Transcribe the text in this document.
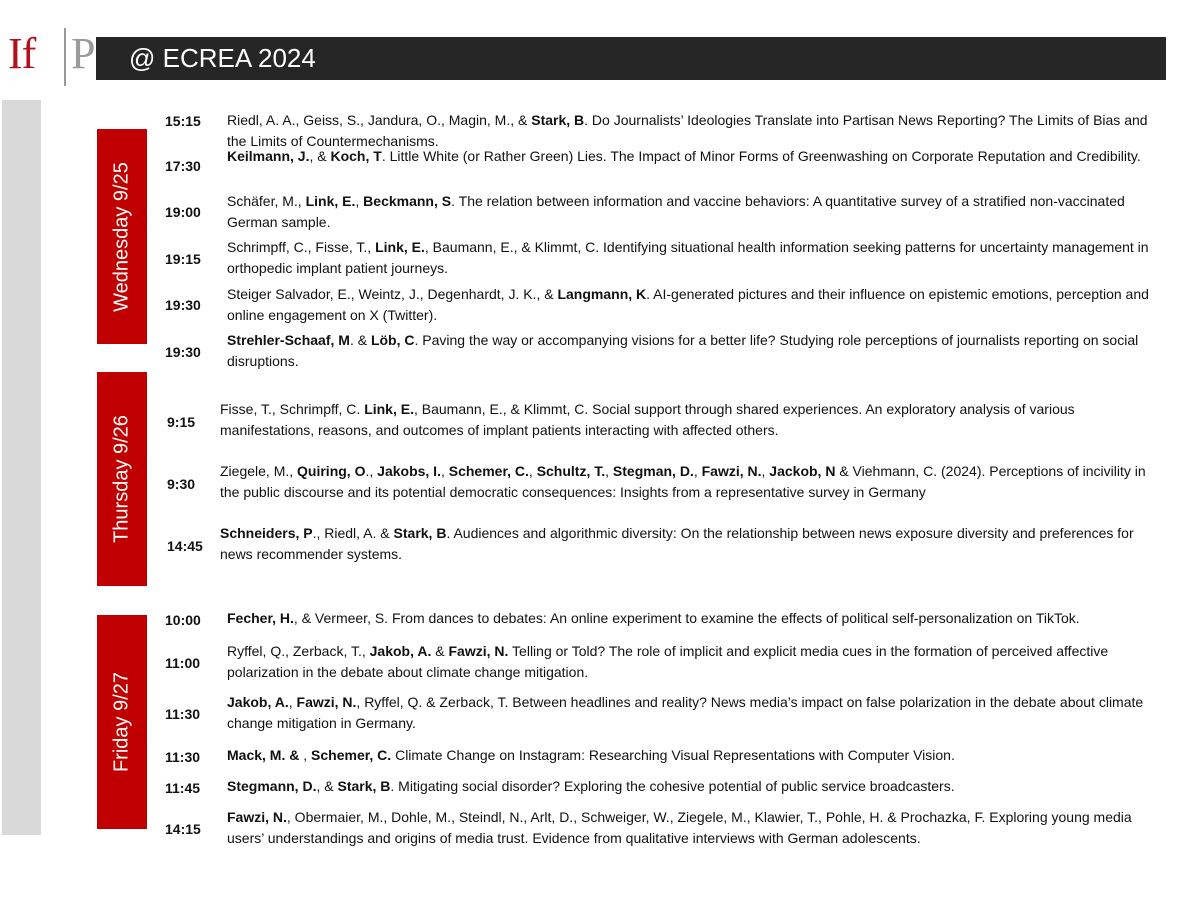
If P @ ECREA 2024
Wednesday 9/25
Thursday 9/26
Friday 9/27
15:15 Riedl, A. A., Geiss, S., Jandura, O., Magin, M., & Stark, B. Do Journalists’ Ideologies Translate into Partisan News Reporting? The Limits of Bias and the Limits of Countermechanisms.
17:30
Keilmann, J., & Koch, T. Little White (or Rather Green) Lies. The Impact of Minor Forms of Greenwashing on Corporate Reputation and Credibility.
19:00
Schäfer, M., Link, E., Beckmann, S. The relation between information and vaccine behaviors: A quantitative survey of a stratified non-vaccinated German sample.
19:15
Schrimpff, C., Fisse, T., Link, E., Baumann, E., & Klimmt, C. Identifying situational health information seeking patterns for uncertainty management in orthopedic implant patient journeys.
19:30
Steiger Salvador, E., Weintz, J., Degenhardt, J. K., & Langmann, K. AI-generated pictures and their influence on epistemic emotions, perception and online engagement on X (Twitter).
19:30
Strehler-Schaaf, M. & Löb, C. Paving the way or accompanying visions for a better life? Studying role perceptions of journalists reporting on social disruptions.
9:15
Fisse, T., Schrimpff, C. Link, E., Baumann, E., & Klimmt, C. Social support through shared experiences. An exploratory analysis of various manifestations, reasons, and outcomes of implant patients interacting with affected others.
9:30
Ziegele, M., Quiring, O., Jakobs, I., Schemer, C., Schultz, T., Stegman, D., Fawzi, N., Jackob, N & Viehmann, C. (2024). Perceptions of incivility in the public discourse and its potential democratic consequences: Insights from a representative survey in Germany
14:45
Schneiders, P., Riedl, A. & Stark, B. Audiences and algorithmic diversity: On the relationship between news exposure diversity and preferences for news recommender systems.
10:00 Fecher, H., & Vermeer, S. From dances to debates: An online experiment to examine the effects of political self-personalization on TikTok.
11:00
Ryffel, Q., Zerback, T., Jakob, A. & Fawzi, N. Telling or Told? The role of implicit and explicit media cues in the formation of perceived affective polarization in the debate about climate change mitigation.
11:30
Jakob, A., Fawzi, N., Ryffel, Q. & Zerback, T. Between headlines and reality? News media’s impact on false polarization in the debate about climate change mitigation in Germany.
11:30 Mack, M. & , Schemer, C. Climate Change on Instagram: Researching Visual Representations with Computer Vision.
11:45 Stegmann, D., & Stark, B. Mitigating social disorder? Exploring the cohesive potential of public service broadcasters.
14:15
Fawzi, N., Obermaier, M., Dohle, M., Steindl, N., Arlt, D., Schweiger, W., Ziegele, M., Klawier, T., Pohle, H. & Prochazka, F. Exploring young media users’ understandings and origins of media trust. Evidence from qualitative interviews with German adolescents.
